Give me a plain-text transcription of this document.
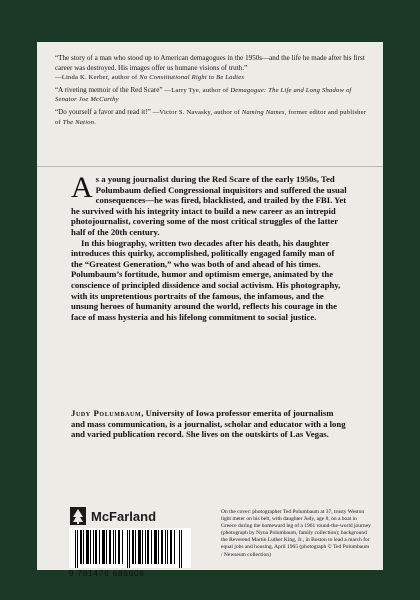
“The story of a man who stood up to American demagogues in the 1950s—and the life he made after his first career was destroyed. His images offer us humane visions of truth.”
—Linda K. Kerber, author of No Constitutional Right to Be Ladies

“A riveting memoir of the Red Scare” —Larry Tye, author of Demagogue: The Life and Long Shadow of Senator Joe McCarthy

“Do yourself a favor and read it!” —Victor S. Navasky, author of Naming Names, former editor and publisher of The Nation.

As a young journalist during the Red Scare of the early 1950s, Ted Polumbaum defied Congressional inquisitors and suffered the usual consequences—he was fired, blacklisted, and trailed by the FBI. Yet he survived with his integrity intact to build a new career as an intrepid photojournalist, covering some of the most critical struggles of the latter half of the 20th century.

In this biography, written two decades after his death, his daughter introduces this quirky, accomplished, politically engaged family man of the “Greatest Generation,” who was both of and ahead of his times. Polumbaum’s fortitude, humor and optimism emerge, animated by the conscience of principled dissidence and social activism. His photography, with its unpretentious portraits of the famous, the infamous, and the unsung heroes of humanity around the world, reflects his courage in the face of mass hysteria and his lifelong commitment to social justice.

Judy Polumbaum, University of Iowa professor emerita of journalism and mass communication, is a journalist, scholar and educator with a long and varied publication record. She lives on the outskirts of Las Vegas.
McFarland
9 781476 686608
On the cover: photographer Ted Polumbaum at 37, trusty Weston light meter on his belt, with daughter Judy, age 8, on a boat in Greece during the homeward leg of a 1961 round-the-world journey (photograph by Nyna Polumbaum, family collection); background the Reverend Martin Luther King, Jr., in Boston to lead a march for equal jobs and housing, April 1965 (photograph © Ted Polumbaum / Newseum collection)
